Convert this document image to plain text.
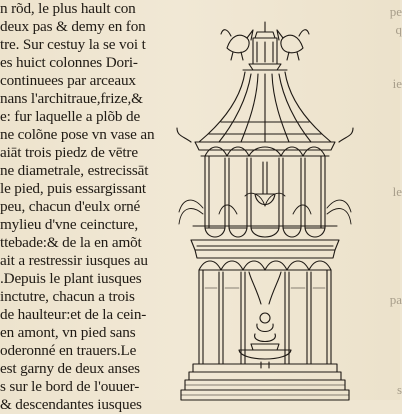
n rõd, le plus hault con
deux pas & demy en fon
tre. Sur cestuy la se voi t
es huict colonnes Dori-
continuees par arceaux
nans l'architraue,frize,&
e: fur laquelle a plõb de
ne colõne pose vn vase an
aiāt trois piedz de vētre
ne diametrale, estrecissāt
le pied, puis essargissant
peu, chacun d'eulx orné
mylieu d'vne ceincture,
ttebade:& de la en amõt
ait a restressir iusques au
.Depuis le plant iusques
inctutre, chacun a trois
de haulteur:et de la cein-
en amont, vn pied sans
oderonné en trauers.Le
est garny de deux anses
s sur le bord de l'ouuer-
& descendantes iusques
pe
q
ie
le
pa
s
